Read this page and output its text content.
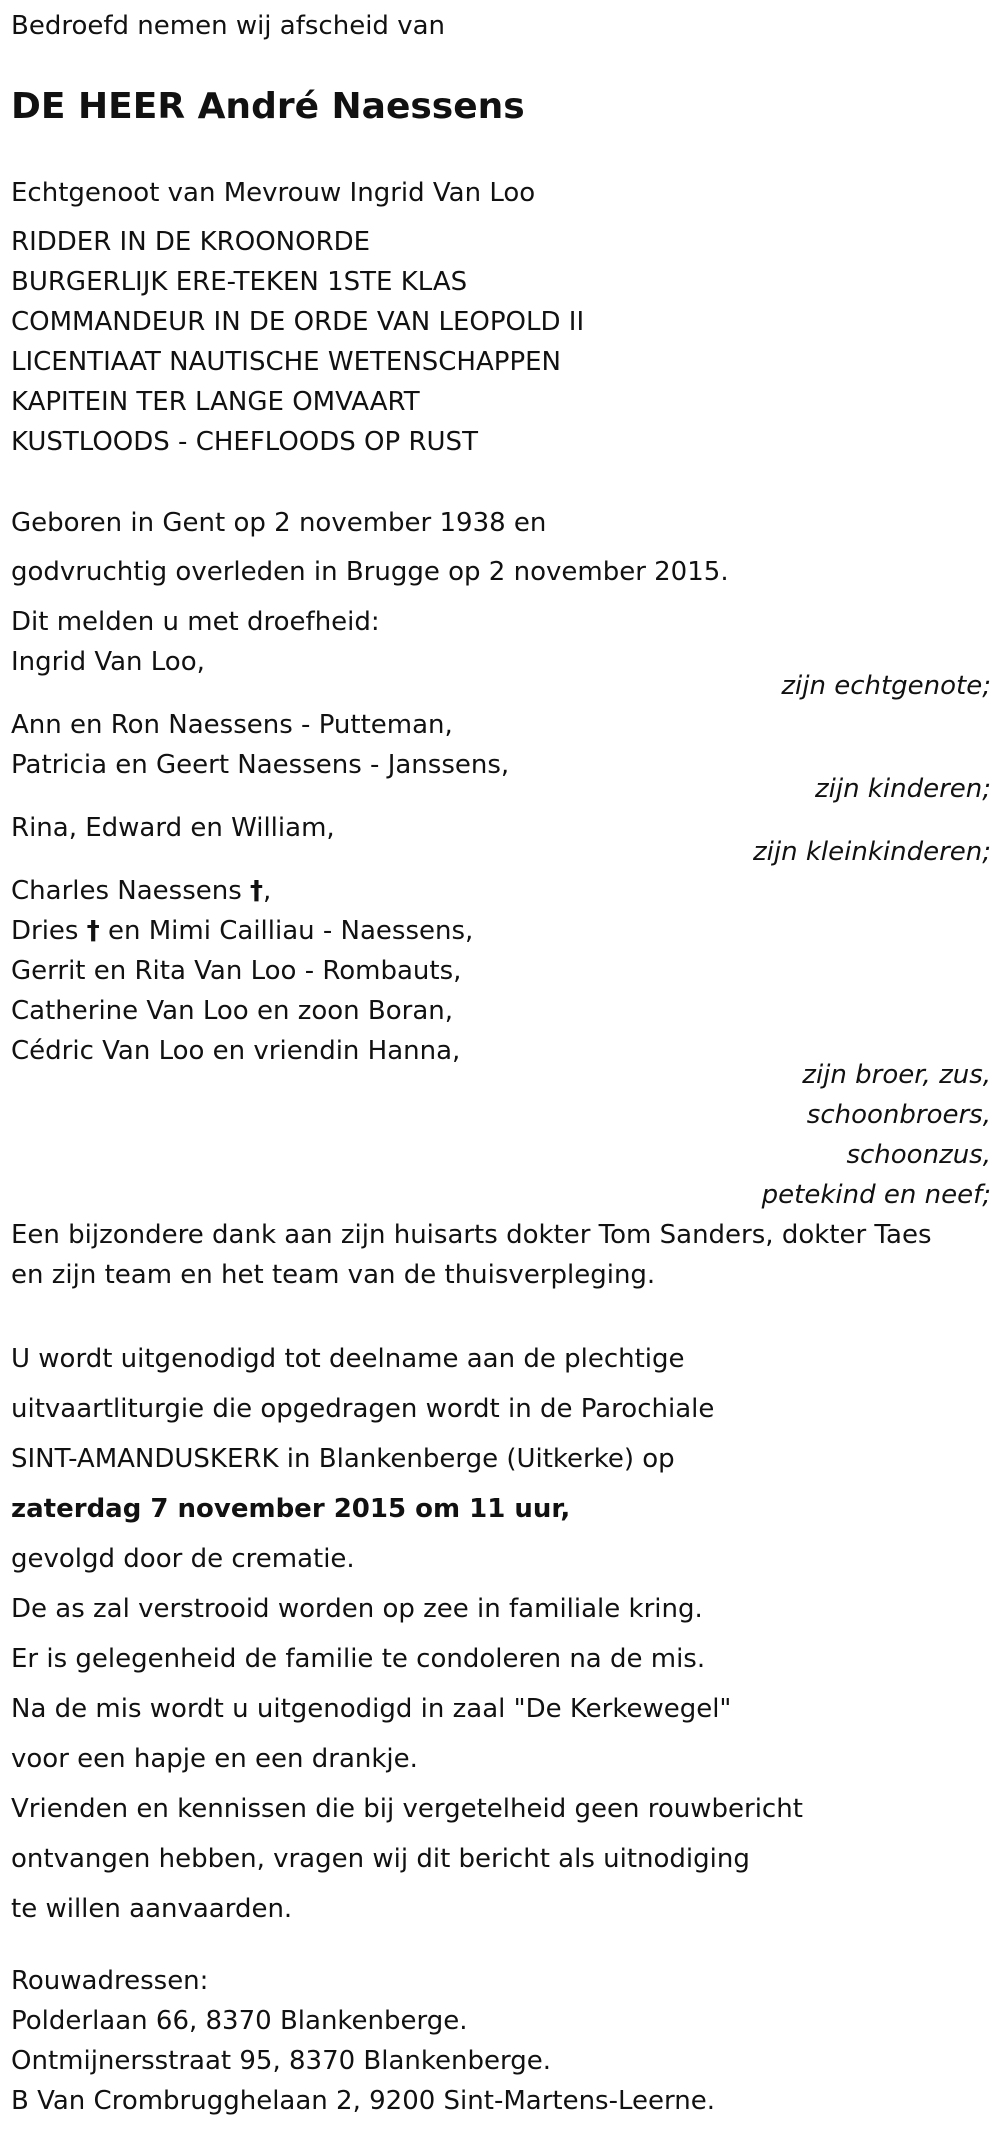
Bedroefd nemen wij afscheid van
DE HEER André Naessens
Echtgenoot van Mevrouw Ingrid Van Loo
RIDDER IN DE KROONORDE
BURGERLIJK ERE-TEKEN 1STE KLAS
COMMANDEUR IN DE ORDE VAN LEOPOLD II
LICENTIAAT NAUTISCHE WETENSCHAPPEN
KAPITEIN TER LANGE OMVAART
KUSTLOODS - CHEFLOODS OP RUST
Geboren in Gent op 2 november 1938 en
godvruchtig overleden in Brugge op 2 november 2015.
Dit melden u met droefheid:
Ingrid Van Loo,
zijn echtgenote;
Ann en Ron Naessens - Putteman,
Patricia en Geert Naessens - Janssens,
zijn kinderen;
Rina, Edward en William,
zijn kleinkinderen;
Charles Naessens †,
Dries † en Mimi Cailliau - Naessens,
Gerrit en Rita Van Loo - Rombauts,
Catherine Van Loo en zoon Boran,
Cédric Van Loo en vriendin Hanna,
zijn broer, zus,
schoonbroers,
schoonzus,
petekind en neef;
Een bijzondere dank aan zijn huisarts dokter Tom Sanders, dokter Taes
en zijn team en het team van de thuisverpleging.
U wordt uitgenodigd tot deelname aan de plechtige
uitvaartliturgie die opgedragen wordt in de Parochiale
SINT-AMANDUSKERK in Blankenberge (Uitkerke) op
zaterdag 7 november 2015 om 11 uur,
gevolgd door de crematie.
De as zal verstrooid worden op zee in familiale kring.
Er is gelegenheid de familie te condoleren na de mis.
Na de mis wordt u uitgenodigd in zaal "De Kerkewegel"
voor een hapje en een drankje.
Vrienden en kennissen die bij vergetelheid geen rouwbericht
ontvangen hebben, vragen wij dit bericht als uitnodiging
te willen aanvaarden.
Rouwadressen:
Polderlaan 66, 8370 Blankenberge.
Ontmijnersstraat 95, 8370 Blankenberge.
B Van Crombrugghelaan 2, 9200 Sint-Martens-Leerne.
